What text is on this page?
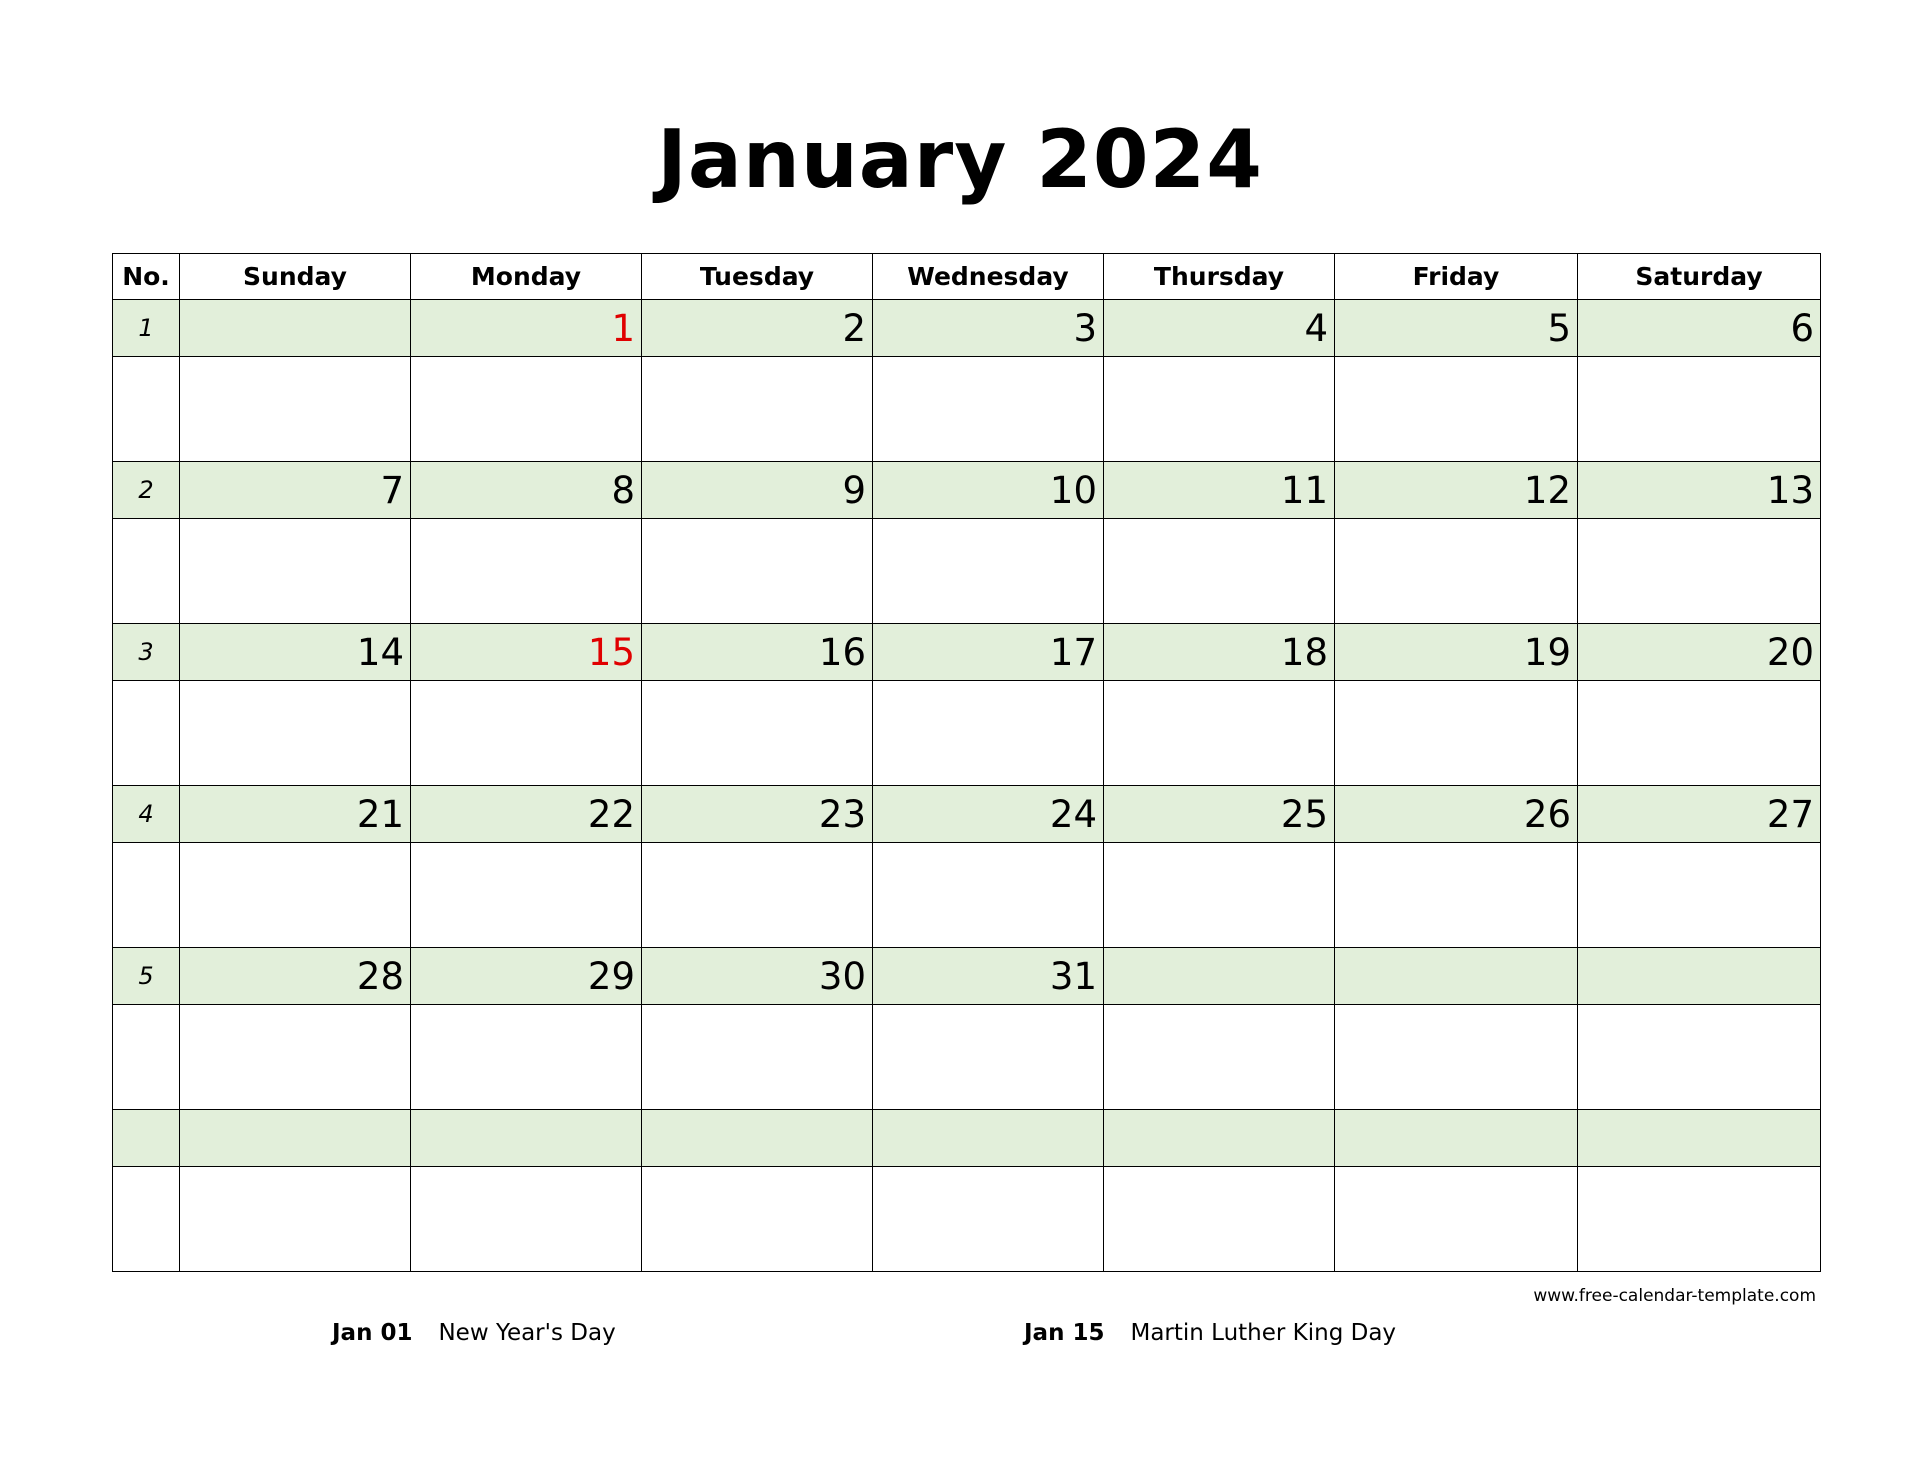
January 2024
No.	Sunday	Monday	Tuesday	Wednesday	Thursday	Friday	Saturday
1		1	2	3	4	5	6

2	7	8	9	10	11	12	13

3	14	15	16	17	18	19	20

4	21	22	23	24	25	26	27

5	28	29	30	31			

www.free-calendar-template.com
Jan 01 New Year's Day	Jan 15 Martin Luther King Day
